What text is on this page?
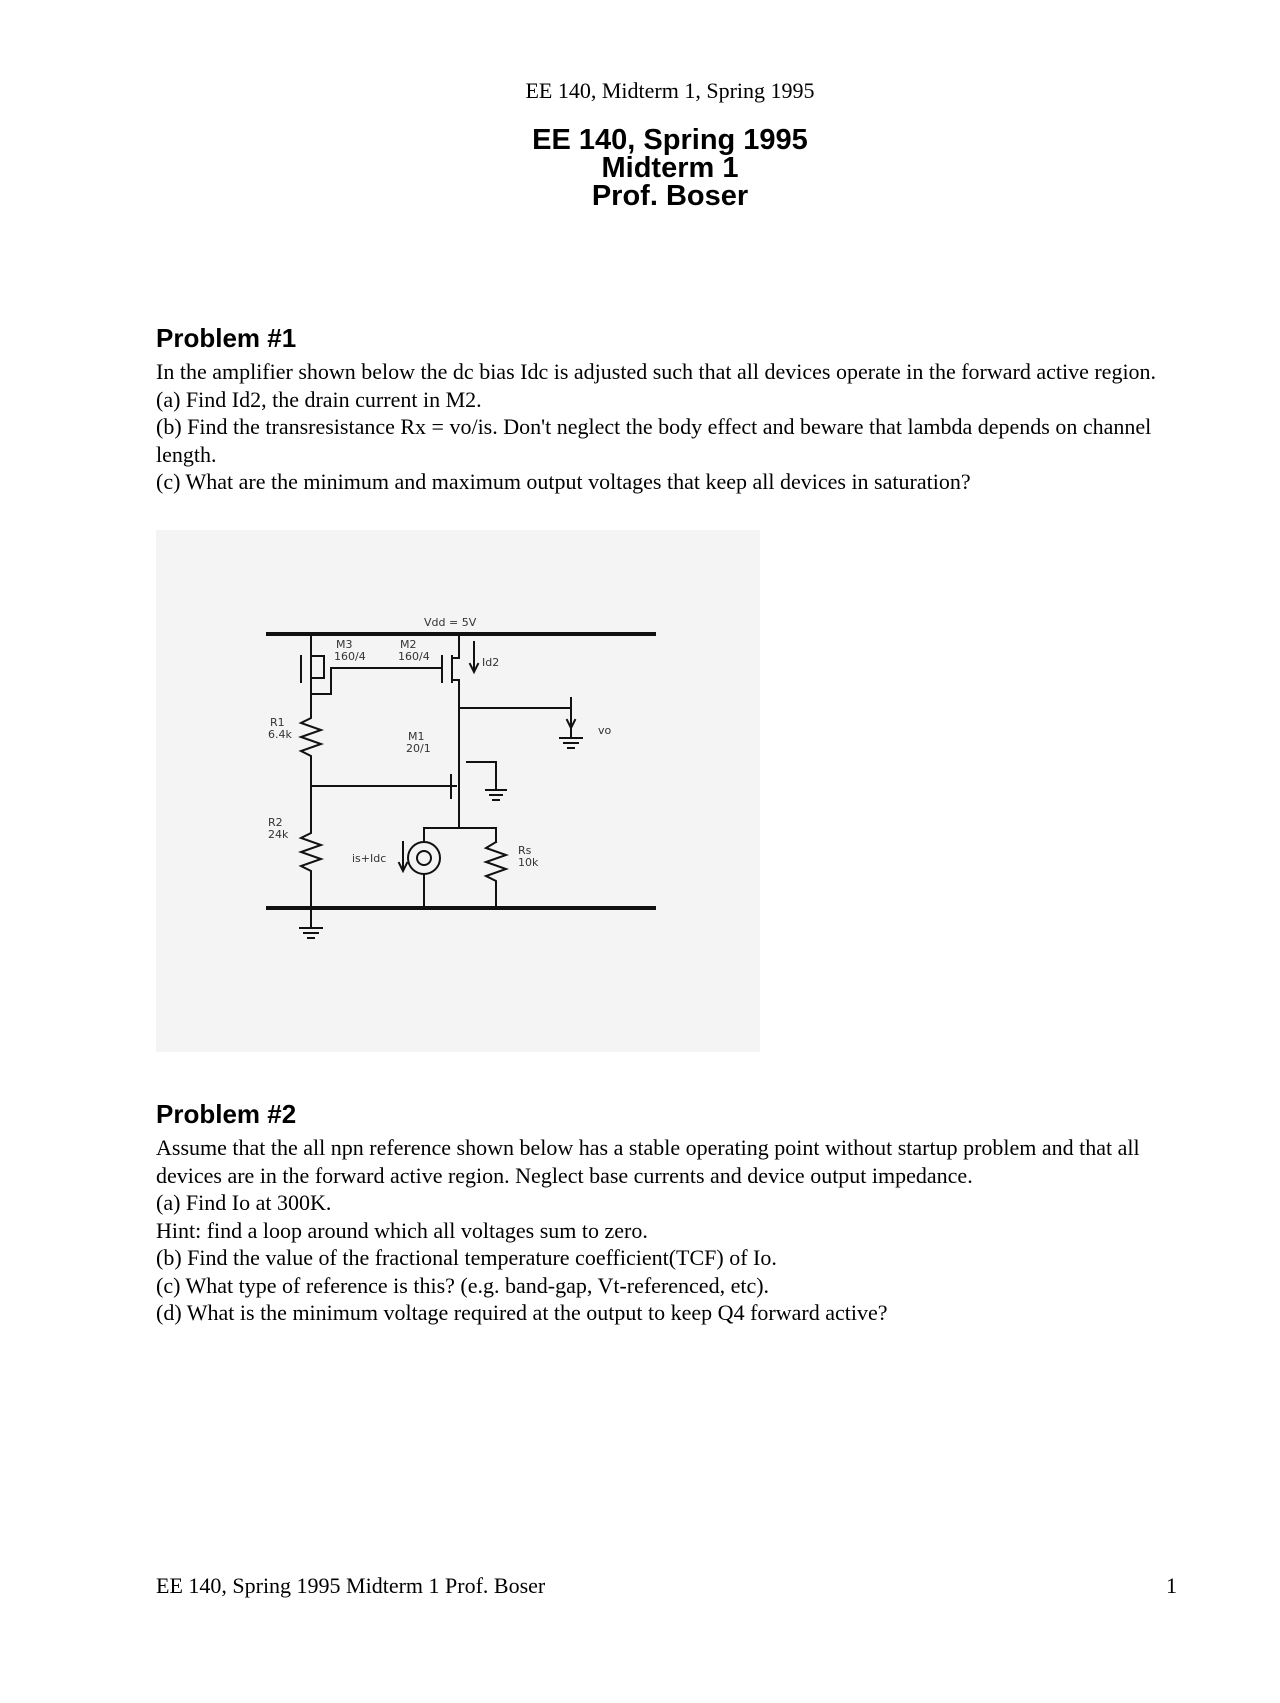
EE 140, Midterm 1, Spring 1995
EE 140, Spring 1995
Midterm 1
Prof. Boser
Problem #1

In the amplifier shown below the dc bias Idc is adjusted such that all devices operate in the forward active region.

(a) Find Id2, the drain current in M2.

(b) Find the transresistance Rx = vo/is. Don't neglect the body effect and beware that lambda depends on channel length.

(c) What are the minimum and maximum output voltages that keep all devices in saturation?

Vdd = 5V
M3
160/4
M2
160/4	Id2
vo
R1
6.4k	M1
20/1
R2
24k
is+Idc
Rs
10k
Problem #2

Assume that the all npn reference shown below has a stable operating point without startup problem and that all devices are in the forward active region. Neglect base currents and device output impedance.

(a) Find Io at 300K.

Hint: find a loop around which all voltages sum to zero.

(b) Find the value of the fractional temperature coefficient(TCF) of Io.

(c) What type of reference is this? (e.g. band-gap, Vt-referenced, etc).

(d) What is the minimum voltage required at the output to keep Q4 forward active?

EE 140, Spring 1995 Midterm 1 Prof. Boser	1
